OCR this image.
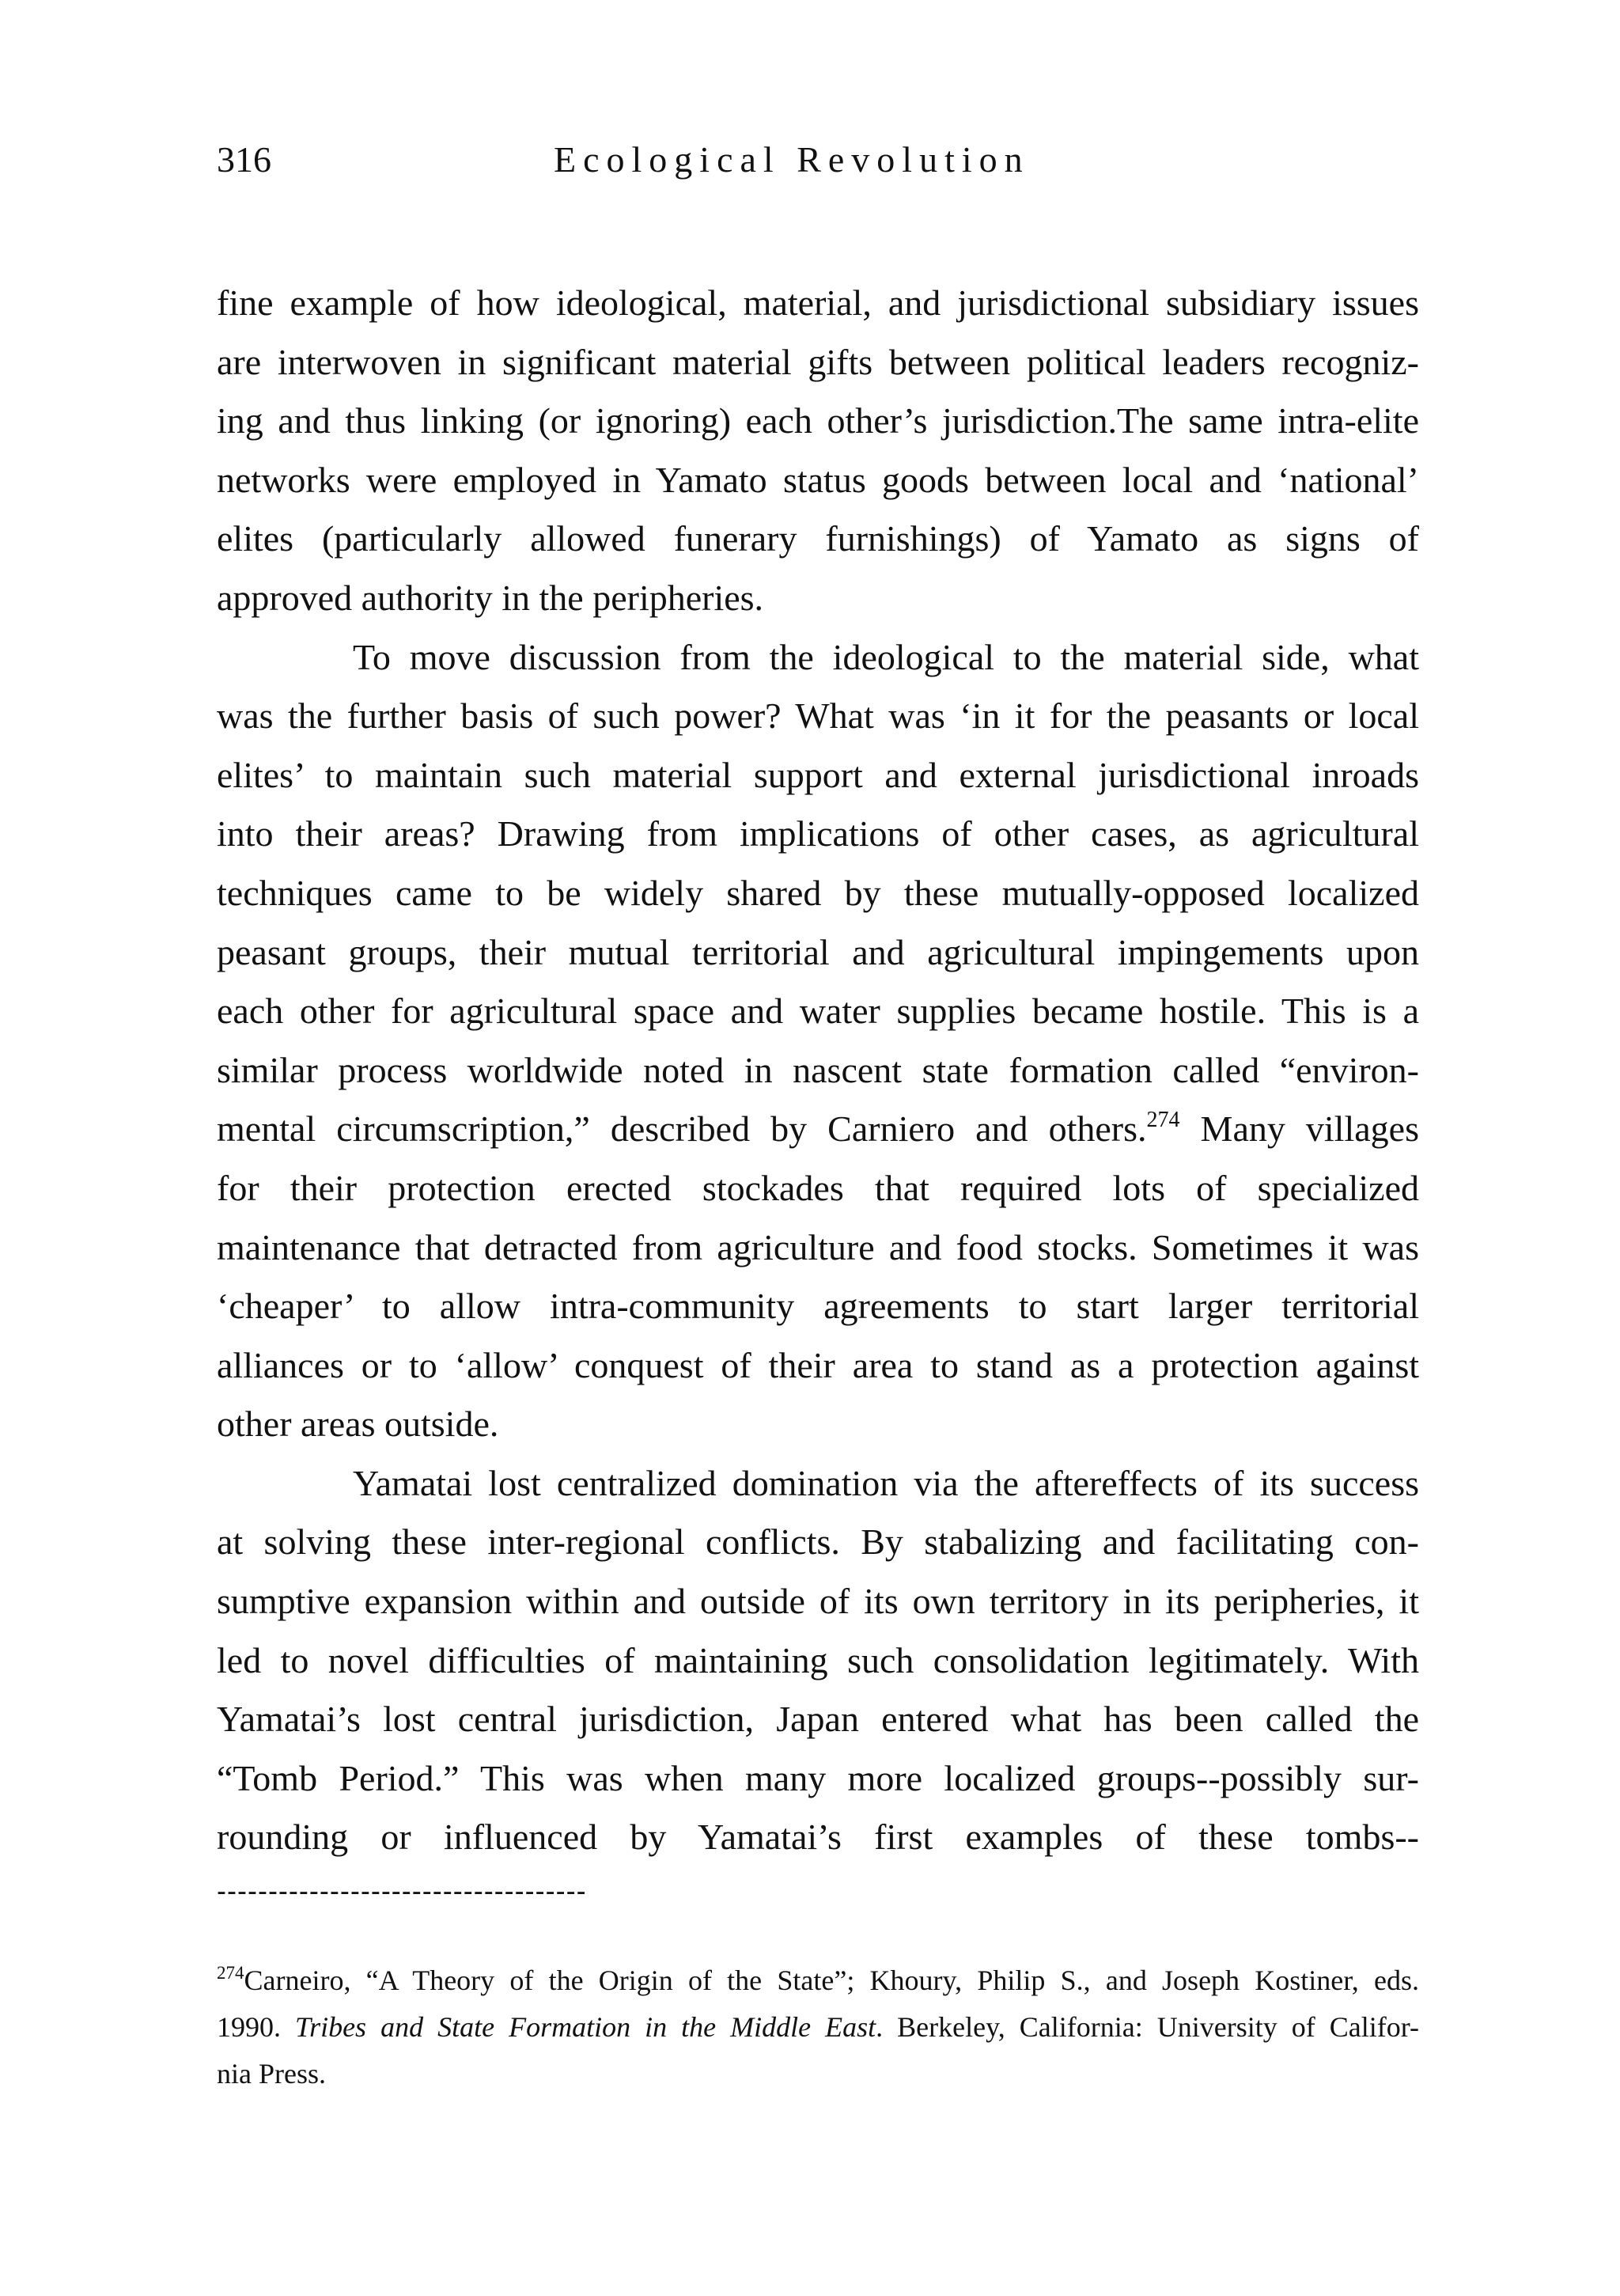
316	Ecological Revolution
fine example of how ideological, material, and jurisdictional subsidiary issues
are interwoven in significant material gifts between political leaders recogniz-
ing and thus linking (or ignoring) each other’s jurisdiction.The same intra-elite
networks were employed in Yamato status goods between local and ‘national’
elites (particularly allowed funerary furnishings) of Yamato as signs of
approved authority in the peripheries.
To move discussion from the ideological to the material side, what
was the further basis of such power? What was ‘in it for the peasants or local
elites’ to maintain such material support and external jurisdictional inroads
into their areas? Drawing from implications of other cases, as agricultural
techniques came to be widely shared by these mutually-opposed localized
peasant groups, their mutual territorial and agricultural impingements upon
each other for agricultural space and water supplies became hostile. This is a
similar process worldwide noted in nascent state formation called “environ-
mental circumscription,” described by Carniero and others.$^{274}$ Many villages
for their protection erected stockades that required lots of specialized
maintenance that detracted from agriculture and food stocks. Sometimes it was
‘cheaper’ to allow intra-community agreements to start larger territorial
alliances or to ‘allow’ conquest of their area to stand as a protection against
other areas outside.
Yamatai lost centralized domination via the aftereffects of its success
at solving these inter-regional conflicts. By stabalizing and facilitating con-
sumptive expansion within and outside of its own territory in its peripheries, it
led to novel difficulties of maintaining such consolidation legitimately. With
Yamatai’s lost central jurisdiction, Japan entered what has been called the
“Tomb Period.” This was when many more localized groups--possibly sur-
rounding or influenced by Yamatai’s first examples of these tombs--
------------------------------------
$^{274}$Carneiro, “A Theory of the Origin of the State”; Khoury, Philip S., and Joseph Kostiner, eds.
1990. Tribes and State Formation in the Middle East. Berkeley, California: University of Califor-
nia Press.
